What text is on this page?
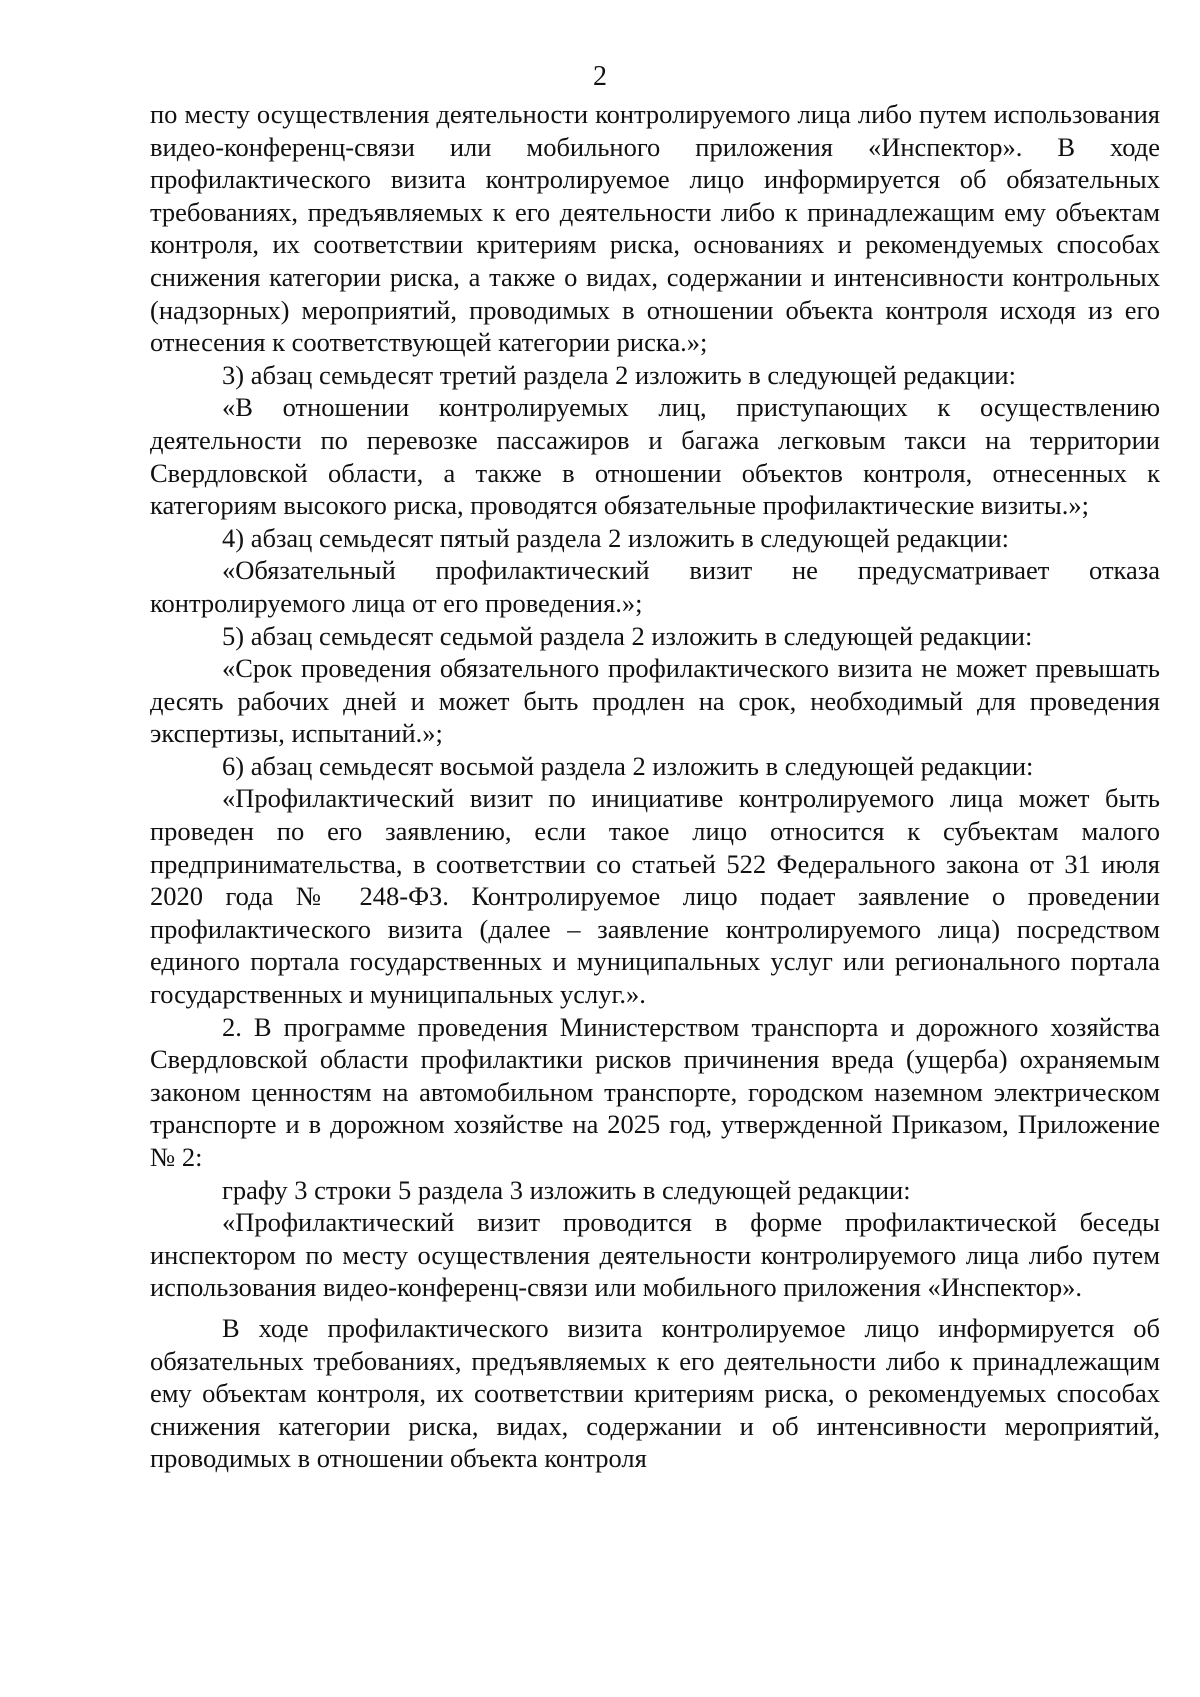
2

по месту осуществления деятельности контролируемого лица либо путем использования видео-конференц-связи или мобильного приложения «Инспектор». В ходе профилактического визита контролируемое лицо информируется об обязательных требованиях, предъявляемых к его деятельности либо к принадлежащим ему объектам контроля, их соответствии критериям риска, основаниях и рекомендуемых способах снижения категории риска, а также о видах, содержании и интенсивности контрольных (надзорных) мероприятий, проводимых в отношении объекта контроля исходя из его отнесения к соответствующей категории риска.»;

3) абзац семьдесят третий раздела 2 изложить в следующей редакции:

«В отношении контролируемых лиц, приступающих к осуществлению деятельности по перевозке пассажиров и багажа легковым такси на территории Свердловской области, а также в отношении объектов контроля, отнесенных к категориям высокого риска, проводятся обязательные профилактические визиты.»;

4) абзац семьдесят пятый раздела 2 изложить в следующей редакции:

«Обязательный профилактический визит не предусматривает отказа контролируемого лица от его проведения.»;

5) абзац семьдесят седьмой раздела 2 изложить в следующей редакции:

«Срок проведения обязательного профилактического визита не может превышать десять рабочих дней и может быть продлен на срок, необходимый для проведения экспертизы, испытаний.»;

6) абзац семьдесят восьмой раздела 2 изложить в следующей редакции:

«Профилактический визит по инициативе контролируемого лица может быть проведен по его заявлению, если такое лицо относится к субъектам малого предпринимательства, в соответствии со статьей 522 Федерального закона от 31 июля 2020 года № 248-ФЗ. Контролируемое лицо подает заявление о проведении профилактического визита (далее – заявление контролируемого лица) посредством единого портала государственных и муниципальных услуг или регионального портала государственных и муниципальных услуг.».

2. В программе проведения Министерством транспорта и дорожного хозяйства Свердловской области профилактики рисков причинения вреда (ущерба) охраняемым законом ценностям на автомобильном транспорте, городском наземном электрическом транспорте и в дорожном хозяйстве на 2025 год, утвержденной Приказом, Приложение № 2:

графу 3 строки 5 раздела 3 изложить в следующей редакции:

«Профилактический визит проводится в форме профилактической беседы инспектором по месту осуществления деятельности контролируемого лица либо путем использования видео-конференц-связи или мобильного приложения «Инспектор».

В ходе профилактического визита контролируемое лицо информируется об обязательных требованиях, предъявляемых к его деятельности либо к принадлежащим ему объектам контроля, их соответствии критериям риска, о рекомендуемых способах снижения категории риска, видах, содержании и об интенсивности мероприятий, проводимых в отношении объекта контроля
